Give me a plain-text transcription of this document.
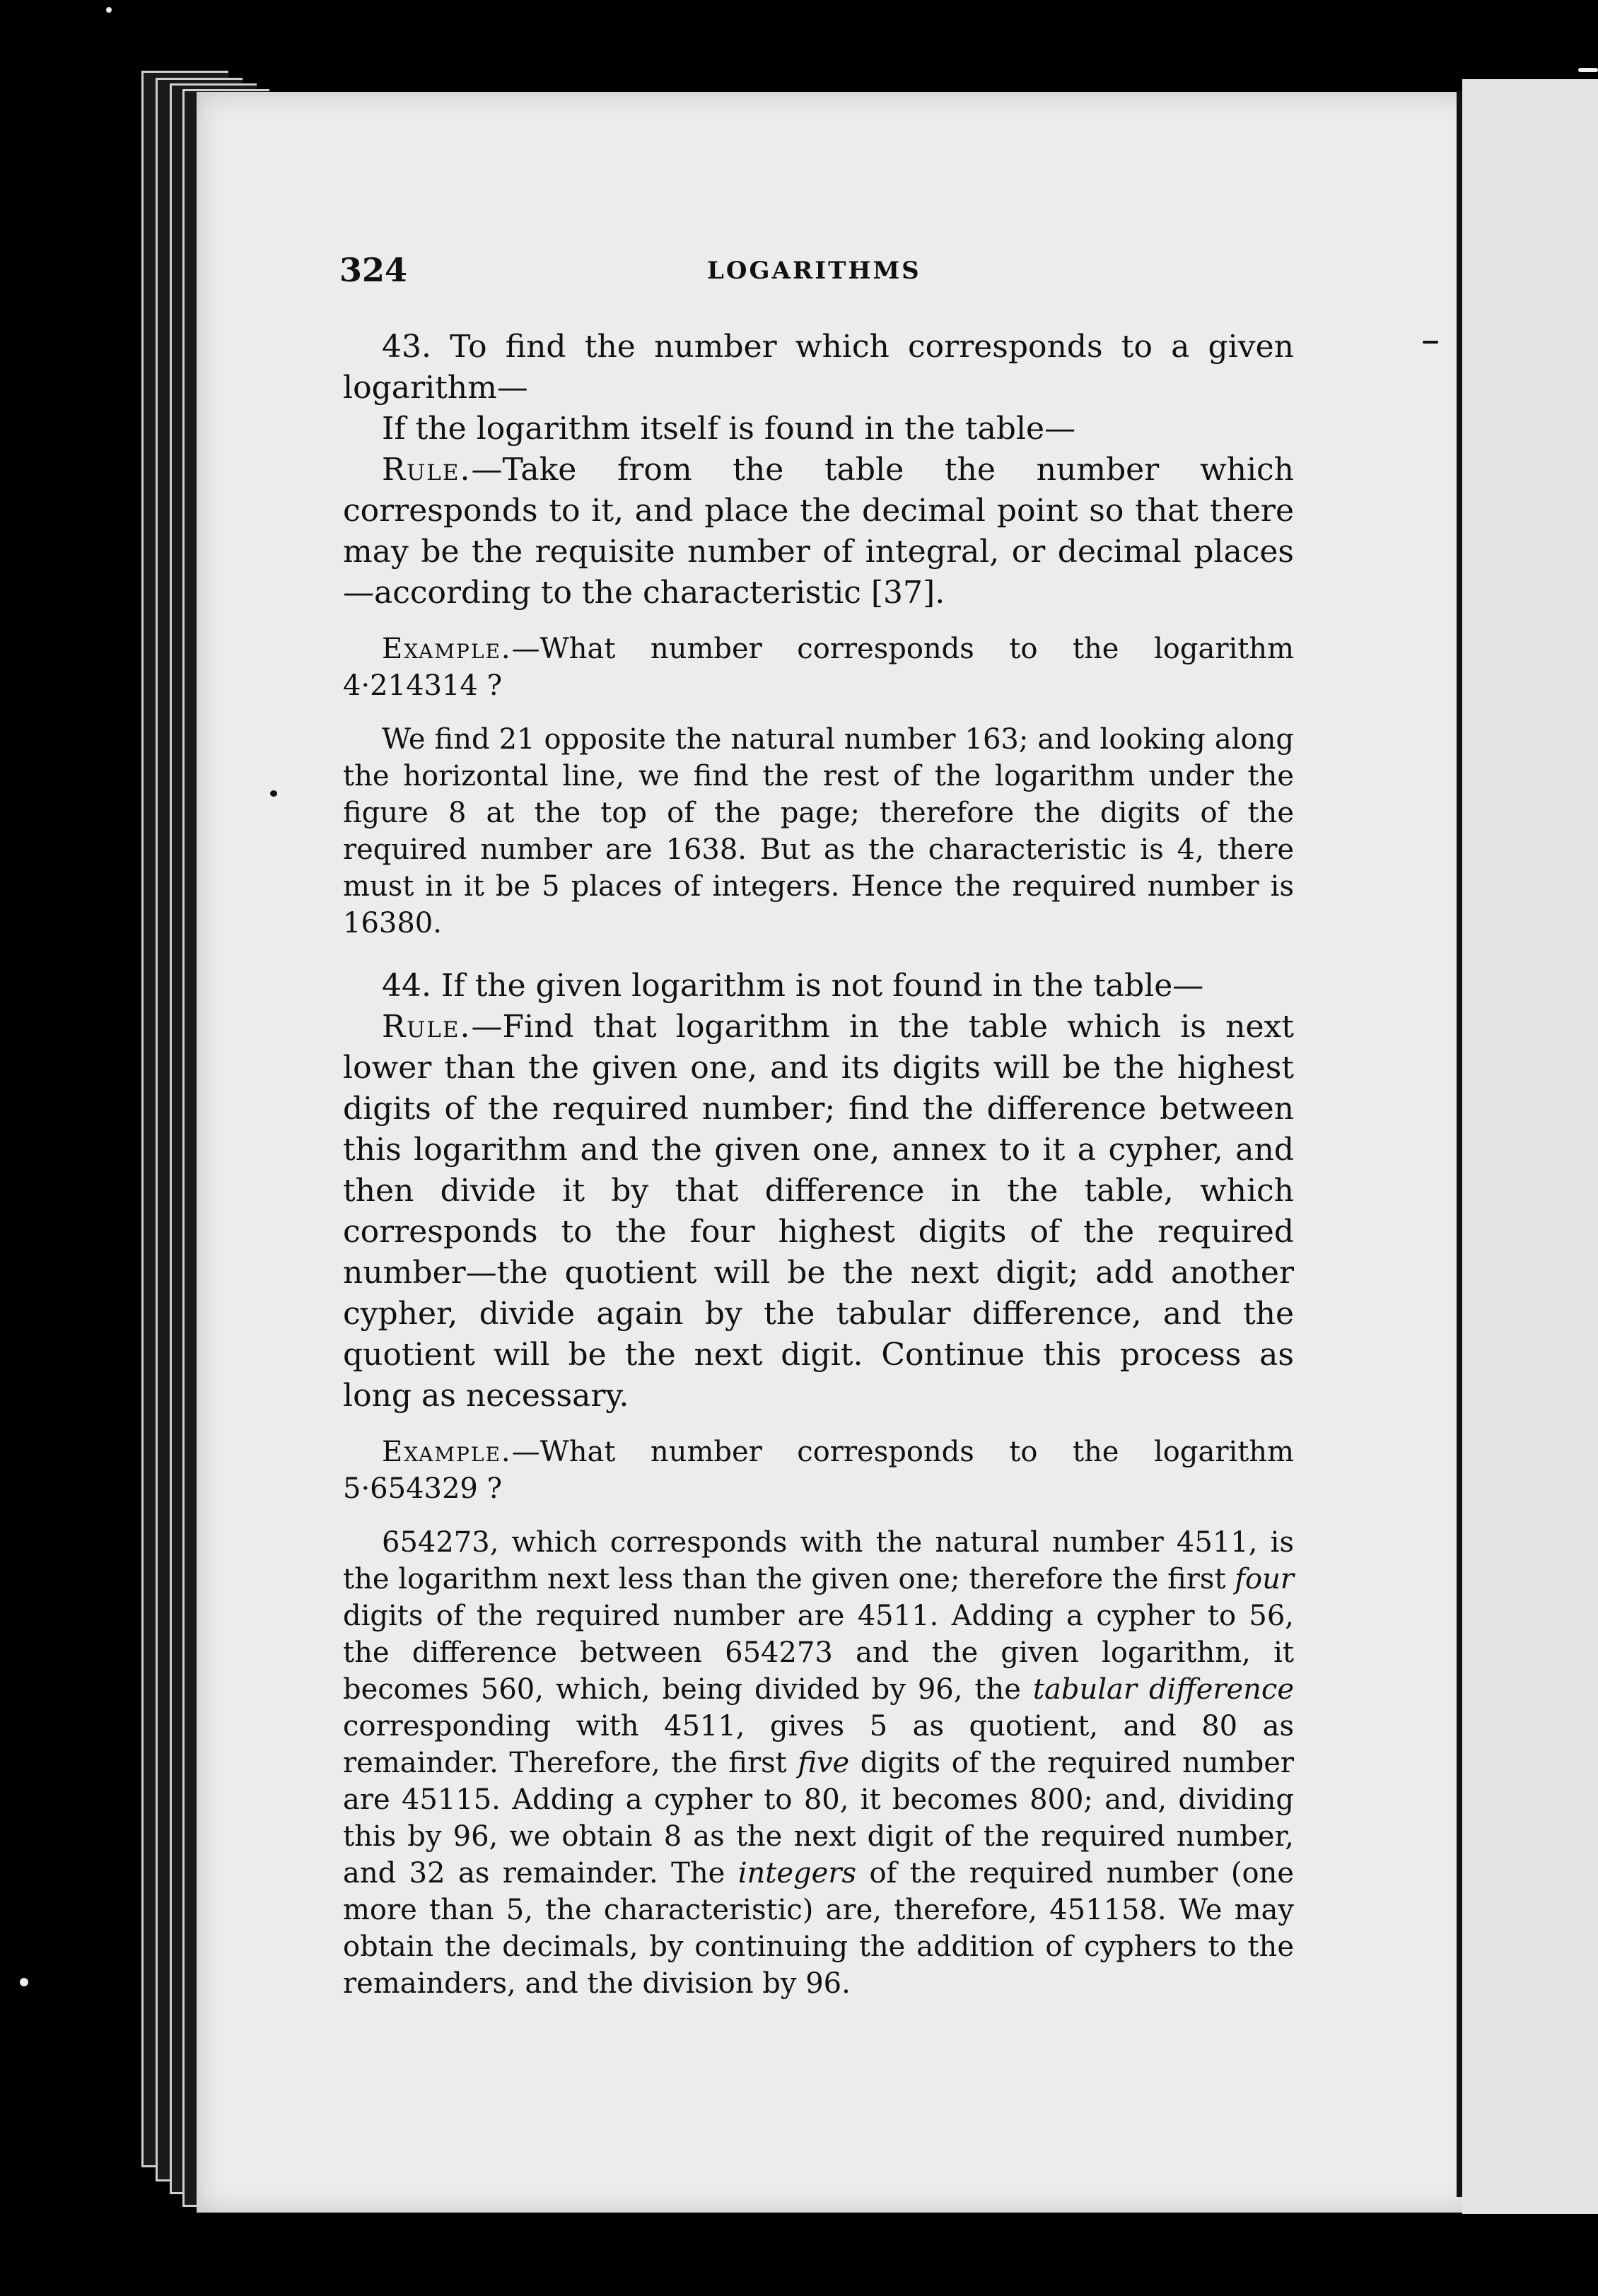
324	LOGARITHMS

43. To find the number which corresponds to a given logarithm—

If the logarithm itself is found in the table—

Rule.—Take from the table the number which corresponds to it, and place the decimal point so that there may be the requisite number of integral, or decimal places—according to the characteristic [37].

Example.—What number corresponds to the logarithm 4·214314 ?

We find 21 opposite the natural number 163; and looking along the horizontal line, we find the rest of the logarithm under the figure 8 at the top of the page; therefore the digits of the required number are 1638. But as the characteristic is 4, there must in it be 5 places of integers. Hence the required number is 16380.

44. If the given logarithm is not found in the table—

Rule.—Find that logarithm in the table which is next lower than the given one, and its digits will be the highest digits of the required number; find the difference between this logarithm and the given one, annex to it a cypher, and then divide it by that difference in the table, which corresponds to the four highest digits of the required number—the quotient will be the next digit; add another cypher, divide again by the tabular difference, and the quotient will be the next digit. Continue this process as long as necessary.

Example.—What number corresponds to the logarithm 5·654329 ?

654273, which corresponds with the natural number 4511, is the logarithm next less than the given one; therefore the first four digits of the required number are 4511. Adding a cypher to 56, the difference between 654273 and the given logarithm, it becomes 560, which, being divided by 96, the tabular difference corresponding with 4511, gives 5 as quotient, and 80 as remainder. Therefore, the first five digits of the required number are 45115. Adding a cypher to 80, it becomes 800; and, dividing this by 96, we obtain 8 as the next digit of the required number, and 32 as remainder. The integers of the required number (one more than 5, the characteristic) are, therefore, 451158. We may obtain the decimals, by continuing the addition of cyphers to the remainders, and the division by 96.
